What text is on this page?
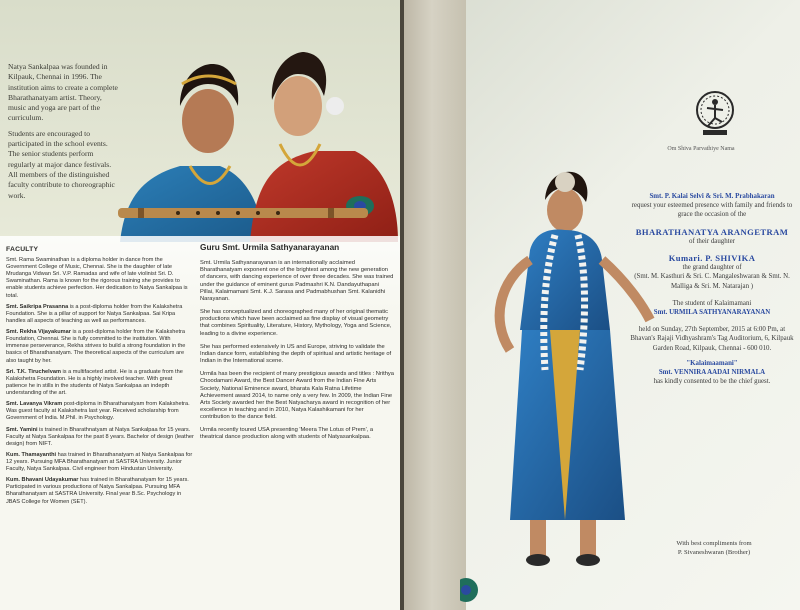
Natya Sankalpaa was founded in Kilpauk, Chennai in 1996. The institution aims to create a complete Bharathanatyam artist. Theory, music and yoga are part of the curriculum.

Students are encouraged to participated in the school events. The senior students perform regularly at major dance festivals. All members of the distinguished faculty contribute to choreographic work.

FACULTY

Smt. Rama Swaminathan is a diploma holder in dance from the Government College of Music, Chennai. She is the daughter of late Mrudanga Vidwan Sri. V.P. Ramadas and wife of late violinist Sri. D. Swaminathan. Rama is known for the rigorous training she provides to enable students achieve perfection. Her dedication to Natya Sankalpaa is total.

Smt. Saikripa Prasanna is a post-diploma holder from the Kalakshetra Foundation. She is a pillar of support for Natya Sankalpaa. Sai Kripa handles all aspects of teaching as well as performances.

Smt. Rekha Vijayakumar is a post-diploma holder from the Kalakshetra Foundation, Chennai. She is fully committed to the institution. With immense perseverance, Rekha strives to build a strong foundation in the basics of Bharathanatyam. The theoretical aspects of the curriculum are also taught by her.

Sri. T.K. Tiruchelvam is a multifaceted artist. He is a graduate from the Kalakshetra Foundation. He is a highly involved teacher. With great patience he in stills in the students of Natya Sankalpaa an indepth understanding of the art.

Smt. Lavanya Vikram post-diploma in Bharathanatyam from Kalakshetra. Was guest faculty at Kalakshetra last year. Received scholarship from Government of India. M.Phil. in Psychology.

Smt. Yamini is trained in Bharathnatyam at Natya Sankalpaa for 15 years. Faculty at Natya Sankalpaa for the past 8 years. Bachelor of design (leather design) from NIFT.

Kum. Thamayanthi has trained in Bharathanatyam at Natya Sankalpaa for 12 years. Pursuing MFA Bharathanatyam at SASTRA University. Junior Faculty, Natya Sankalpaa. Civil engineer from Hindustan University.

Kum. Bhavani Udayakumar has trained in Bharathanatyam for 15 years. Participated in various productions of Natya Sankalpaa. Pursuing MFA Bharathanatyam at SASTRA University. Final year B.Sc. Psychology in JBAS College for Women (SET).

Guru Smt. Urmila Sathyanarayanan

Smt. Urmila Sathyanarayanan is an internationally acclaimed Bharathanatyam exponent one of the brightest among the new generation of dancers, with dancing experience of over three decades. She was trained under the guidance of eminent gurus Padmashri K.N. Dandayuthapani Pillai, Kalaimamani Smt. K.J. Sarasa and Padmabhushan Smt. Kalanidhi Narayanan.

She has conceptualized and choreographed many of her original thematic productions which have been acclaimed as fine display of visual geometry that combines Spirituality, Literature, History, Mythology, Yoga and Science, leading to a divine experience.

She has performed extensively in US and Europe, striving to validate the Indian dance form, establishing the depth of spiritual and artistic heritage of Indian in the International scene.

Urmila has been the recipient of many prestigious awards and titles : Nrithya Choodamani Award, the Best Dancer Award from the Indian Fine Arts Society, National Eminence award, bharata Kala Ratna Lifetime Achievement award 2014, to name only a very few. In 2009, the Indian Fine Arts Society awarded her the Best Natyacharya award in recognition of her excellence in teaching and in 2010, Natya Kalashikamani for her contribution to the dance field.

Urmila recently toured USA presenting 'Meera The Lotus of Prem', a theatrical dance production along with students of Natyasankalpaa.

Om Shiva Parvathiye Nama

Smt. P. Kalai Selvi & Sri. M. Prabhakaran

request your esteemed presence with family and friends to grace the occasion of the

BHARATHANATYA ARANGETRAM

of their daughter

Kumari. P. SHIVIKA

the grand daughter of

(Smt. M. Kasthuri & Sri. C. Mangaleshwaran & Smt. N. Malliga & Sri. M. Natarajan )

The student of Kalaimamani

Smt. URMILA SATHYANARAYANAN

held on Sunday, 27th September, 2015 at 6:00 Pm, at Bhavan's Rajaji Vidhyashram's Tag Auditorium, 6, Kilpauk Garden Road, Kilpauk, Chennai - 600 010.

"Kalaimaamani"

Smt. VENNIRA AADAI NIRMALA

has kindly consented to be the chief guest.

With best compliments from

P. Sivaneshwaran (Brother)
